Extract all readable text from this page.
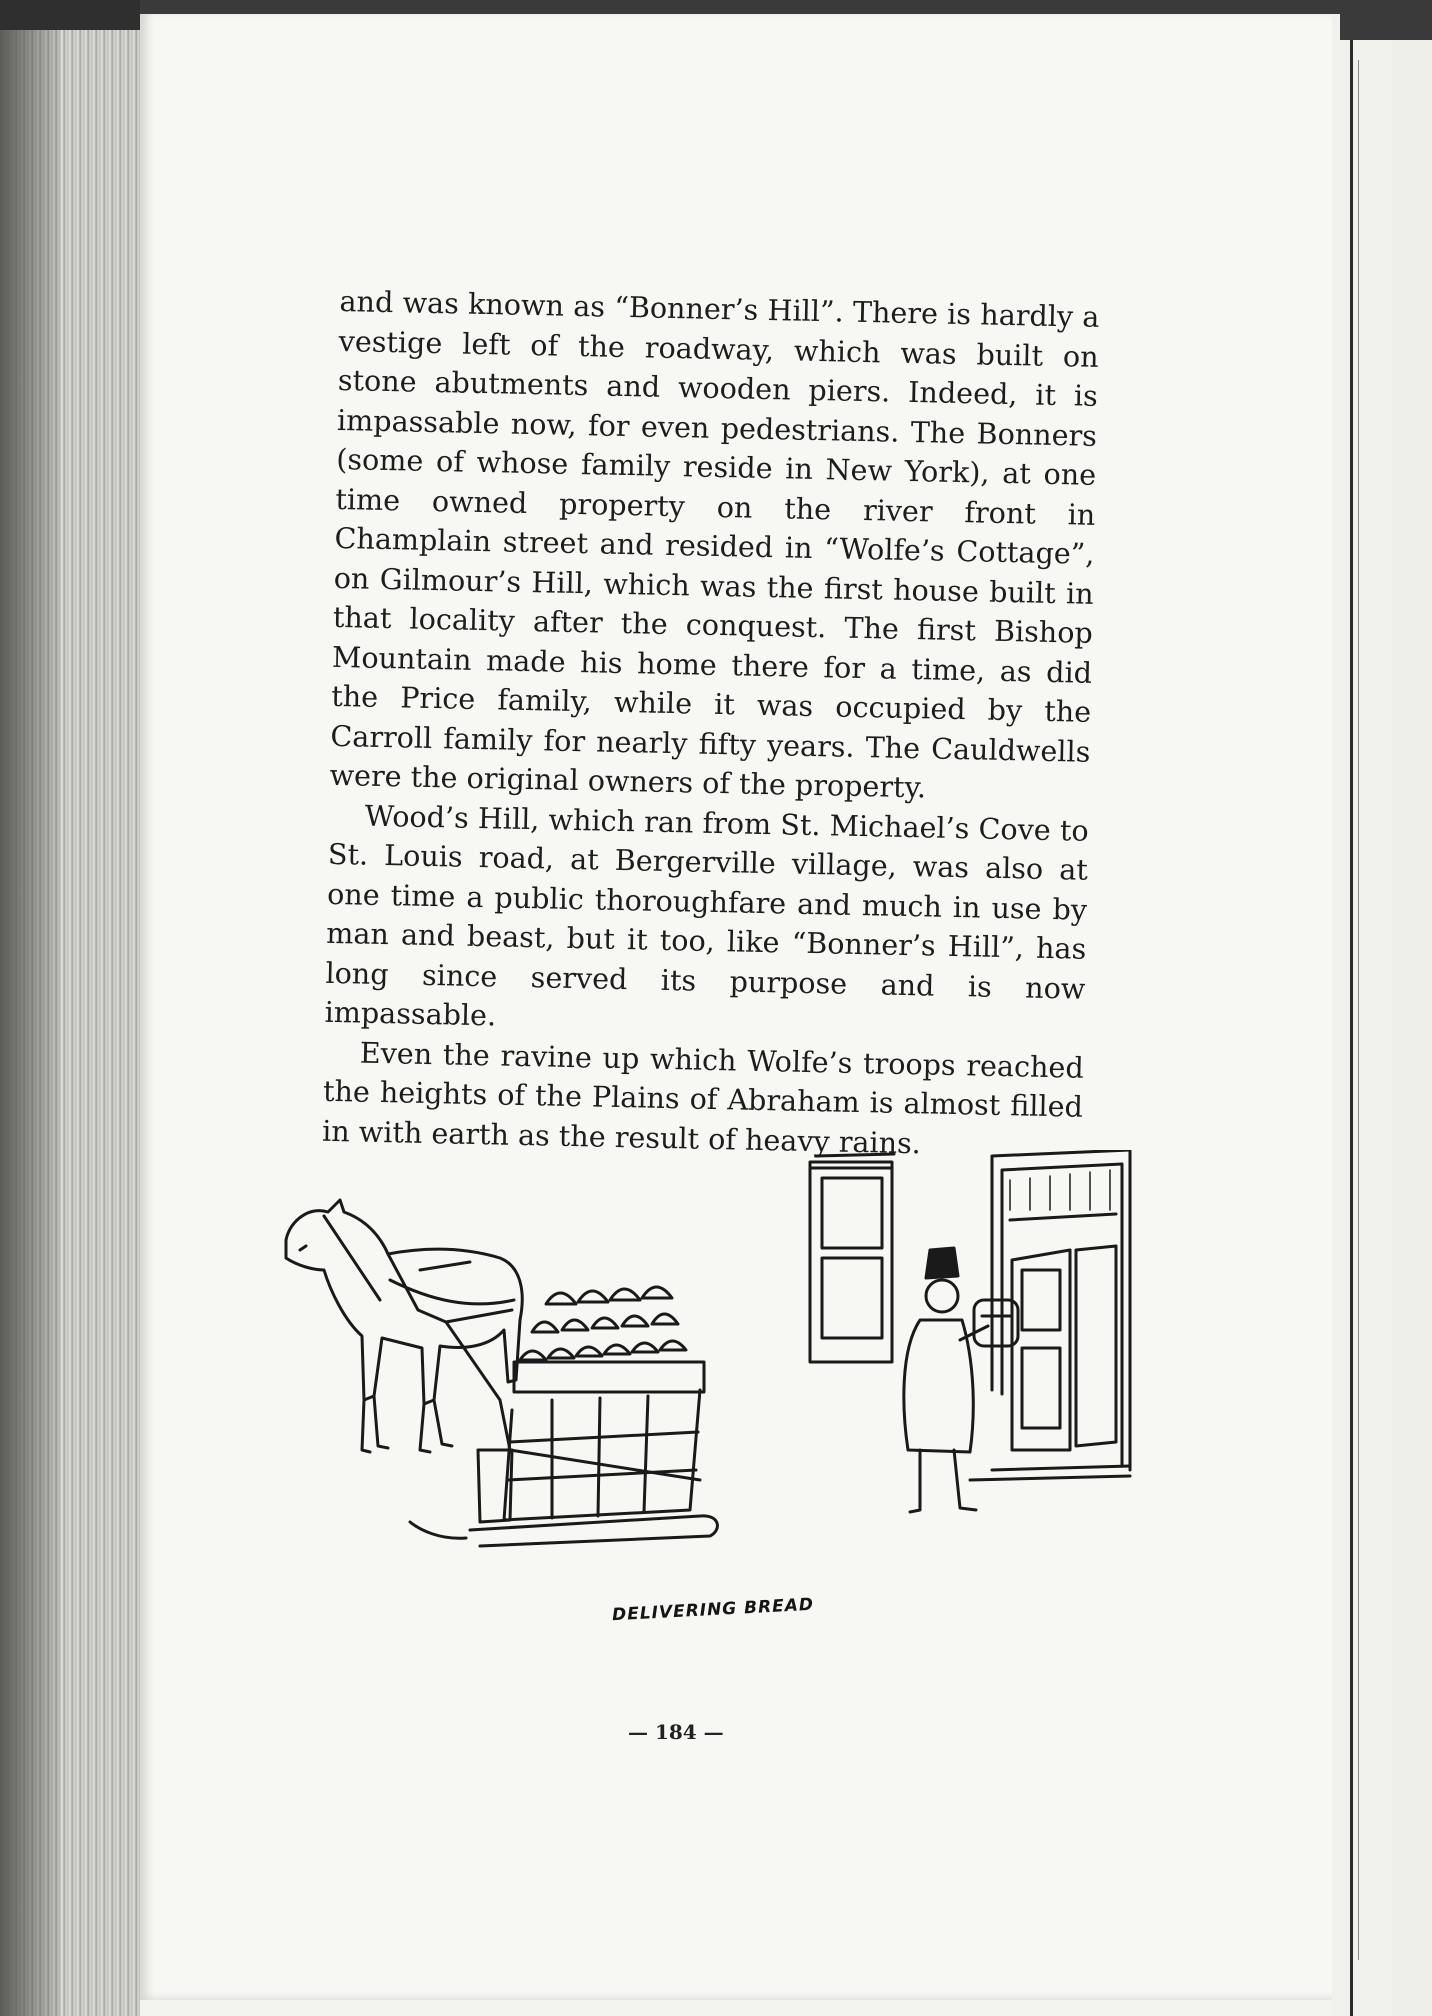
and was known as “Bonner’s Hill”. There is hardly a vestige left of the roadway, which was built on stone abutments and wooden piers. Indeed, it is impassable now, for even pedestrians. The Bonners (some of whose family reside in New York), at one time owned property on the river front in Champlain street and resided in “Wolfe’s Cottage”, on Gilmour’s Hill, which was the first house built in that locality after the conquest. The first Bishop Mountain made his home there for a time, as did the Price family, while it was occupied by the Carroll family for nearly fifty years. The Cauldwells were the original owners of the property.

Wood’s Hill, which ran from St. Michael’s Cove to St. Louis road, at Bergerville village, was also at one time a public thoroughfare and much in use by man and beast, but it too, like “Bonner’s Hill”, has long since served its purpose and is now impassable.

Even the ravine up which Wolfe’s troops reached the heights of the Plains of Abraham is almost filled in with earth as the result of heavy rains.

DELIVERING BREAD
— 184 —
